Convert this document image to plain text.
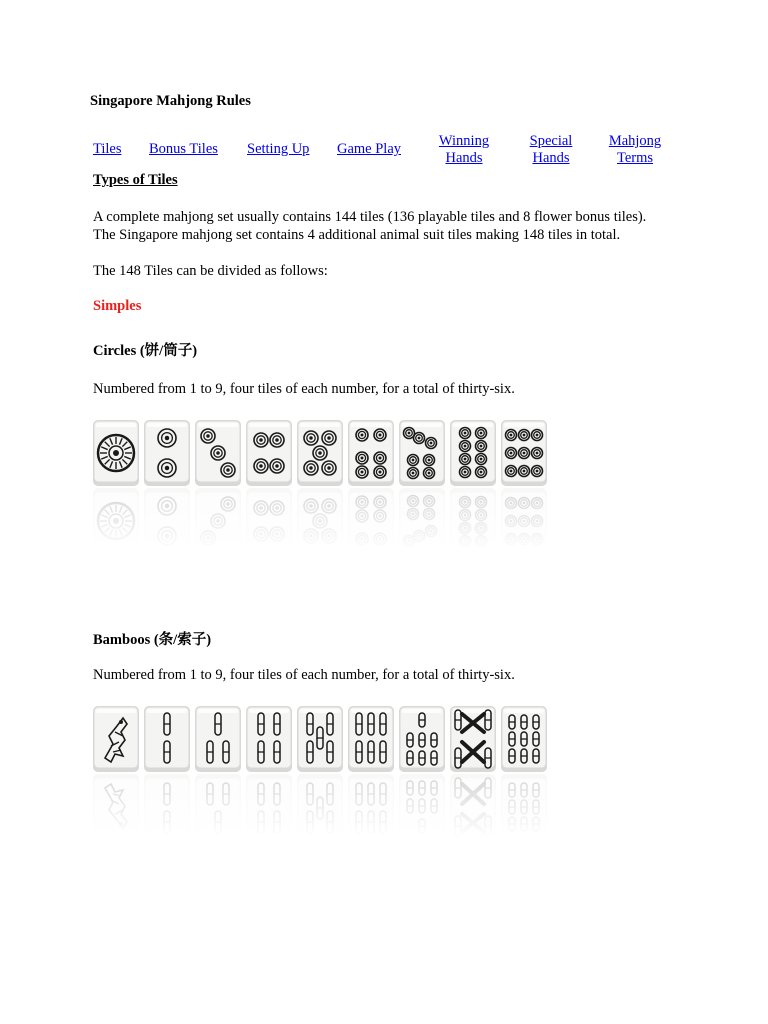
Singapore Mahjong Rules
Tiles Bonus Tiles Setting Up Game Play	Winning
Hands
Special
Hands
Mahjong
Terms
Types of Tiles
A complete mahjong set usually contains 144 tiles (136 playable tiles and 8 flower bonus tiles).
The Singapore mahjong set contains 4 additional animal suit tiles making 148 tiles in total.
The 148 Tiles can be divided as follows:
Simples
Circles (饼/筒子)
Numbered from 1 to 9, four tiles of each number, for a total of thirty-six.
Bamboos (条/索子)
Numbered from 1 to 9, four tiles of each number, for a total of thirty-six.
